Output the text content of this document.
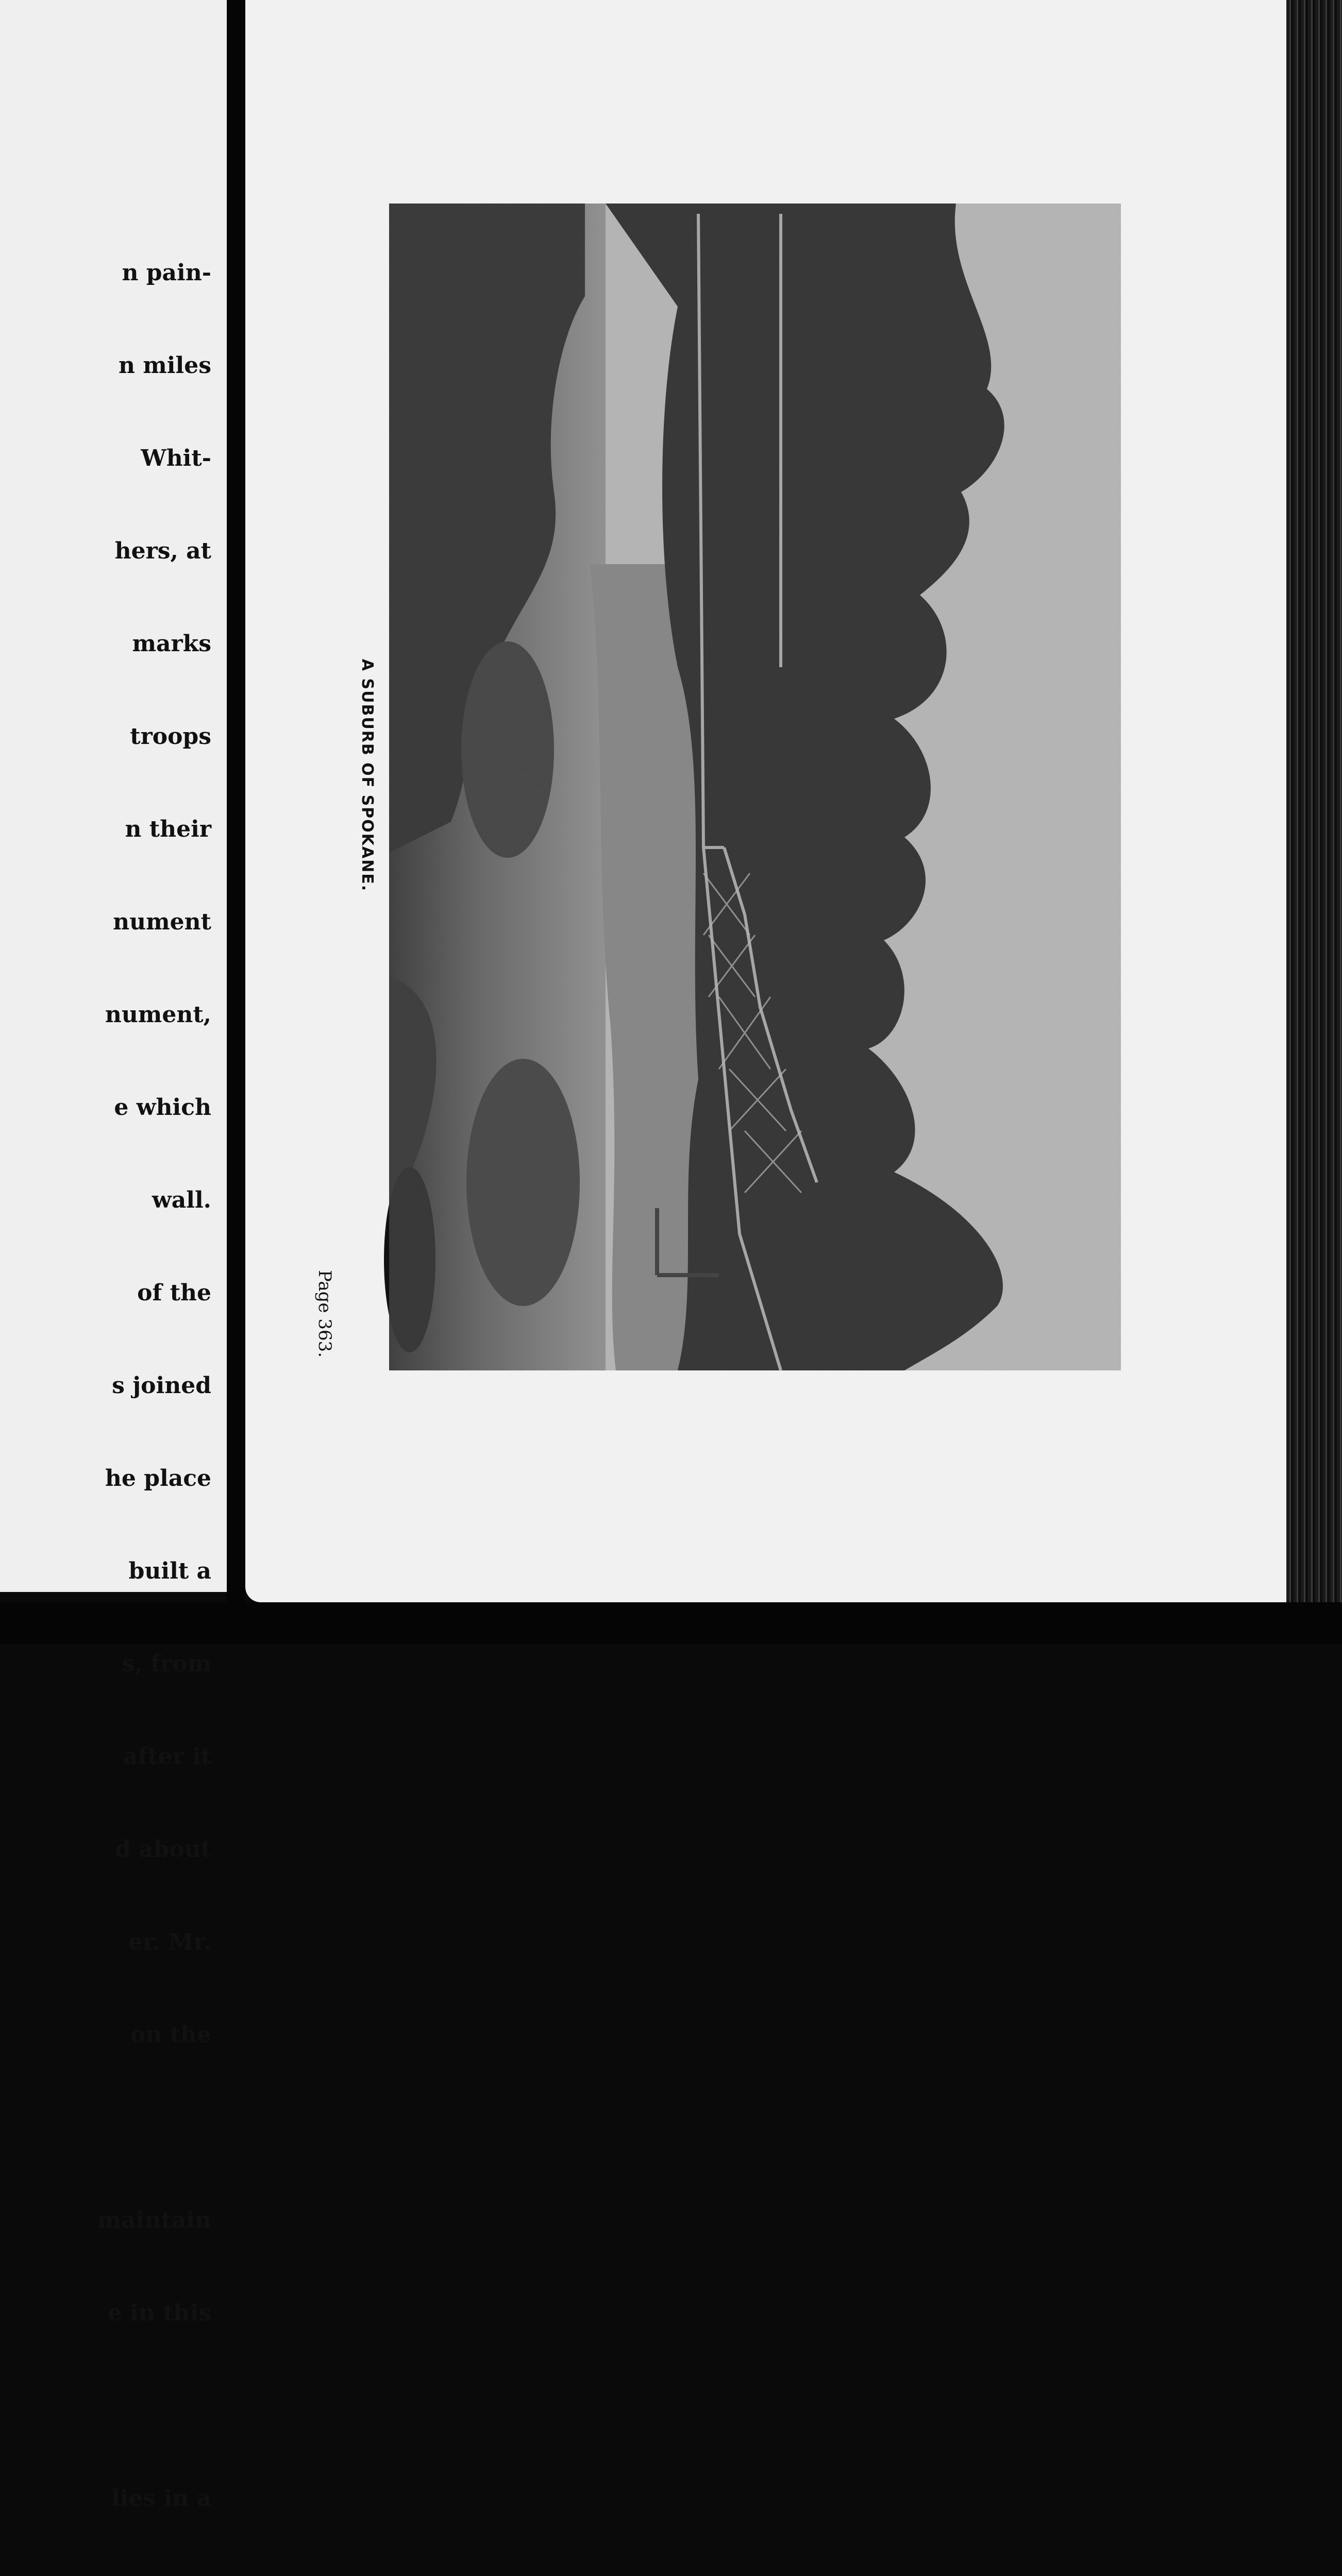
n pain-

n miles

Whit-

hers, at

marks

troops

n their

nument

nument,

e which

wall.

of the

s joined

he place

built a

s, from

after it

d about

er. Mr.

on the

maintain

e in this

lies in a

A SUBURB OF SPOKANE.
Page 363.
